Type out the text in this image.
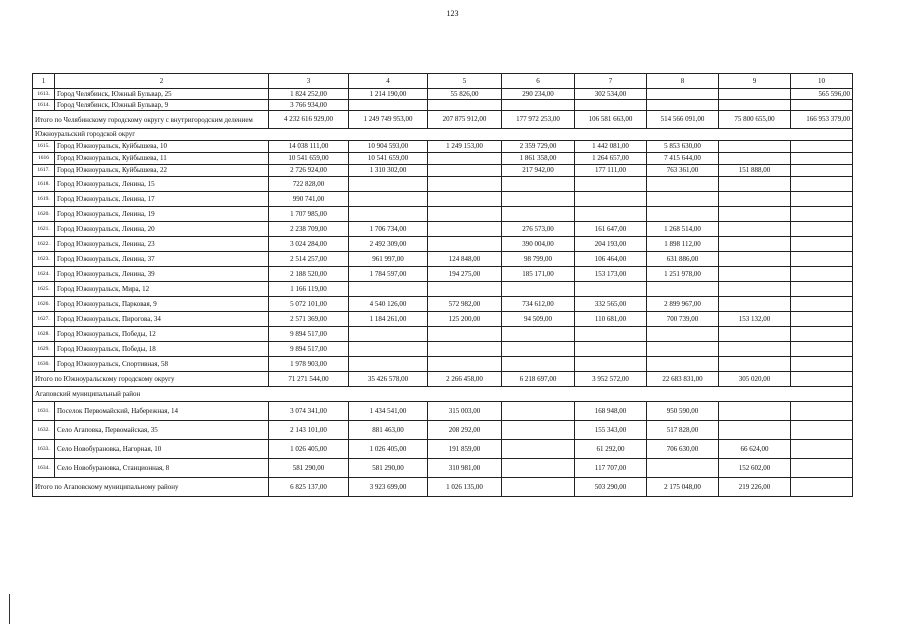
123
1	2	3	4	5	6	7	8	9	10
1613.	Город Челябинск, Южный Бульвар, 25	1 824 252,00	1 214 190,00	55 826,00	290 234,00	302 534,00			565 596,00
1614.	Город Челябинск, Южный Бульвар, 9	3 766 934,00							
Итого по Челябинскому городскому округу с внутригородским делением		4 232 616 929,00	1 249 749 953,00	207 875 912,00	177 972 253,00	106 581 663,00	514 566 091,00	75 800 655,00	166 953 379,00
Южноуральский городской округ									
1615.	Город Южноуральск, Куйбышева, 10	14 038 111,00	10 904 593,00	1 249 153,00	2 359 729,00	1 442 081,00	5 853 630,00		
1616	Город Южноуральск, Куйбышева, 11	10 541 659,00	10 541 659,00		1 861 358,00	1 264 657,00	7 415 644,00		
1617.	Город Южноуральск, Куйбышева, 22	2 726 924,00	1 310 302,00		217 942,00	177 111,00	763 361,00	151 888,00	
1618.	Город Южноуральск, Ленина, 15	722 828,00							
1619.	Город Южноуральск, Ленина, 17	990 741,00							
1620.	Город Южноуральск, Ленина, 19	1 707 985,00							
1621.	Город Южноуральск, Ленина, 20	2 238 709,00	1 706 734,00		276 573,00	161 647,00	1 268 514,00		
1622.	Город Южноуральск, Ленина, 23	3 024 284,00	2 492 309,00		390 004,00	204 193,00	1 898 112,00		
1623.	Город Южноуральск, Ленина, 37	2 514 257,00	961 997,00	124 848,00	98 799,00	106 464,00	631 886,00		
1624.	Город Южноуральск, Ленина, 39	2 188 520,00	1 784 597,00	194 275,00	185 171,00	153 173,00	1 251 978,00		
1625.	Город Южноуральск, Мира, 12	1 166 119,00							
1626.	Город Южноуральск, Парковая, 9	5 072 101,00	4 540 126,00	572 982,00	734 612,00	332 565,00	2 899 967,00		
1627.	Город Южноуральск, Пирогова, 34	2 571 369,00	1 184 261,00	125 200,00	94 509,00	110 681,00	700 739,00	153 132,00	
1628.	Город Южноуральск, Победы, 12	9 894 517,00							
1629.	Город Южноуральск, Победы, 18	9 894 517,00							
1630.	Город Южноуральск, Спортивная, 58	1 978 903,00							
Итого по Южноуральскому городскому округу		71 271 544,00	35 426 578,00	2 266 458,00	6 218 697,00	3 952 572,00	22 683 831,00	305 020,00	
Агаповский муниципальный район									
1631.	Поселок Первомайский, Набережная, 14	3 074 341,00	1 434 541,00	315 003,00		168 948,00	950 590,00		
1632.	Село Агаповка, Первомайская, 35	2 143 101,00	881 463,00	208 292,00		155 343,00	517 828,00		
1633.	Село Новобурановка, Нагорная, 10	1 026 405,00	1 026 405,00	191 859,00		61 292,00	706 630,00	66 624,00	
1634.	Село Новобурановка, Станционная, 8	581 290,00	581 290,00	310 981,00		117 707,00		152 602,00	
Итого по Агаповскому муниципальному району		6 825 137,00	3 923 699,00	1 026 135,00		503 290,00	2 175 048,00	219 226,00	
